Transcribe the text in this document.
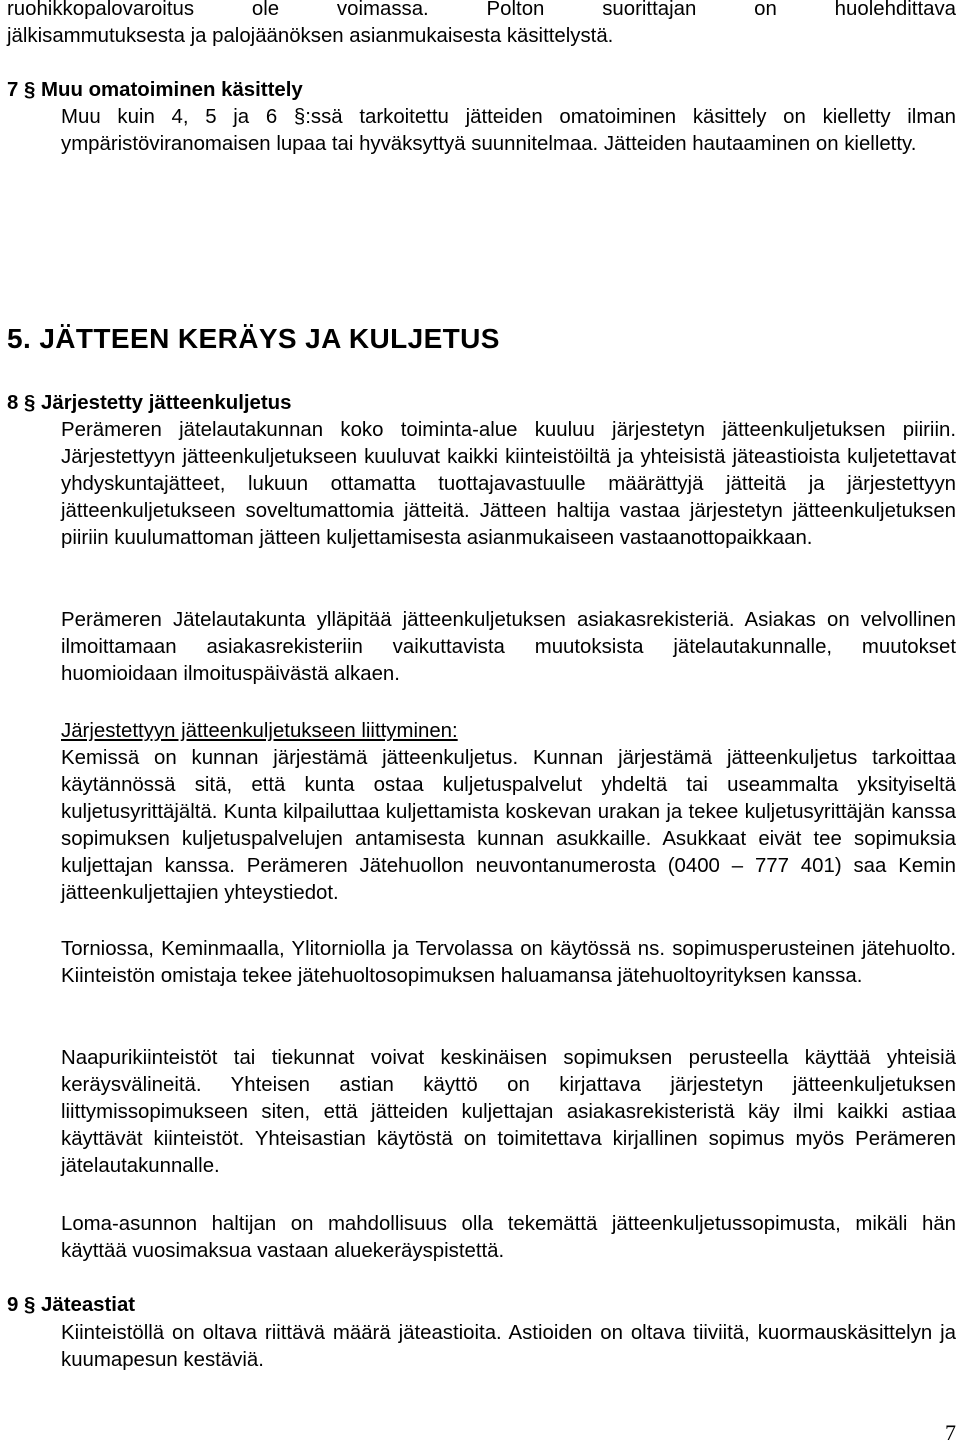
ruohikkopalovaroitus ole voimassa. Polton suorittajan on huolehdittava

jälkisammutuksesta ja palojäänöksen asianmukaisesta käsittelystä.

7 § Muu omatoiminen käsittely

Muu kuin 4, 5 ja 6 §:ssä tarkoitettu jätteiden omatoiminen käsittely on kielletty ilman ympäristöviranomaisen lupaa tai hyväksyttyä suunnitelmaa. Jätteiden hautaaminen on kielletty.

5. JÄTTEEN KERÄYS JA KULJETUS

8 § Järjestetty jätteenkuljetus

Perämeren jätelautakunnan koko toiminta-alue kuuluu järjestetyn jätteenkuljetuksen piiriin. Järjestettyyn jätteenkuljetukseen kuuluvat kaikki kiinteistöiltä ja yhteisistä jäteastioista kuljetettavat yhdyskuntajätteet, lukuun ottamatta tuottajavastuulle määrättyjä jätteitä ja järjestettyyn jätteenkuljetukseen soveltumattomia jätteitä. Jätteen haltija vastaa järjestetyn jätteenkuljetuksen piiriin kuulumattoman jätteen kuljettamisesta asianmukaiseen vastaanottopaikkaan.

Perämeren Jätelautakunta ylläpitää jätteenkuljetuksen asiakasrekisteriä. Asiakas on velvollinen ilmoittamaan asiakasrekisteriin vaikuttavista muutoksista jätelautakunnalle, muutokset huomioidaan ilmoituspäivästä alkaen.

Järjestettyyn jätteenkuljetukseen liittyminen:

Kemissä on kunnan järjestämä jätteenkuljetus. Kunnan järjestämä jätteenkuljetus tarkoittaa käytännössä sitä, että kunta ostaa kuljetuspalvelut yhdeltä tai useammalta yksityiseltä kuljetusyrittäjältä. Kunta kilpailuttaa kuljettamista koskevan urakan ja tekee kuljetusyrittäjän kanssa sopimuksen kuljetuspalvelujen antamisesta kunnan asukkaille. Asukkaat eivät tee sopimuksia kuljettajan kanssa. Perämeren Jätehuollon neuvontanumerosta (0400 – 777 401) saa Kemin jätteenkuljettajien yhteystiedot.

Torniossa, Keminmaalla, Ylitorniolla ja Tervolassa on käytössä ns. sopimusperusteinen jätehuolto. Kiinteistön omistaja tekee jätehuoltosopimuksen haluamansa jätehuoltoyrityksen kanssa.

Naapurikiinteistöt tai tiekunnat voivat keskinäisen sopimuksen perusteella käyttää yhteisiä keräysvälineitä. Yhteisen astian käyttö on kirjattava järjestetyn jätteenkuljetuksen liittymissopimukseen siten, että jätteiden kuljettajan asiakasrekisteristä käy ilmi kaikki astiaa käyttävät kiinteistöt. Yhteisastian käytöstä on toimitettava kirjallinen sopimus myös Perämeren jätelautakunnalle.

Loma-asunnon haltijan on mahdollisuus olla tekemättä jätteenkuljetussopimusta, mikäli hän käyttää vuosimaksua vastaan aluekeräyspistettä.

9 § Jäteastiat

Kiinteistöllä on oltava riittävä määrä jäteastioita. Astioiden on oltava tiiviitä, kuormauskäsittelyn ja kuumapesun kestäviä.

7
